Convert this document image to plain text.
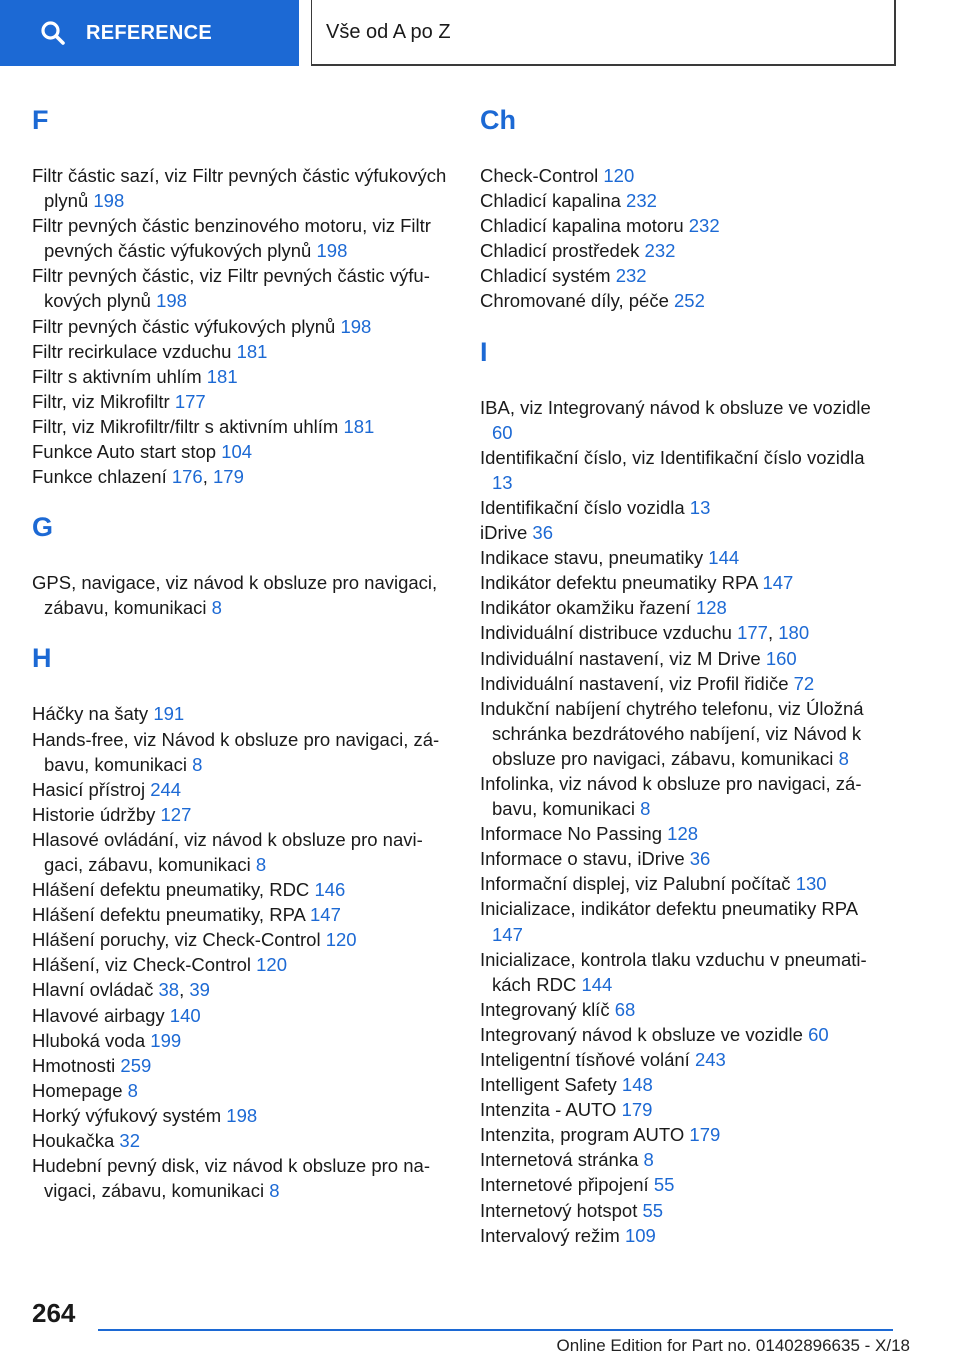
REFERENCE	Vše od A po Z
F
Filtr částic sazí, viz Filtr pevných částic výfukových plynů 198
Filtr pevných částic benzinového motoru, viz Filtr pevných částic výfukových plynů 198
Filtr pevných částic, viz Filtr pevných částic výfukových plynů 198
Filtr pevných částic výfukových plynů 198
Filtr recirkulace vzduchu 181
Filtr s aktivním uhlím 181
Filtr, viz Mikrofiltr 177
Filtr, viz Mikrofiltr/filtr s aktivním uhlím 181
Funkce Auto start stop 104
Funkce chlazení 176, 179
G
GPS, navigace, viz návod k obsluze pro navigaci, zábavu, komunikaci 8
H
Háčky na šaty 191
Hands-free, viz Návod k obsluze pro navigaci, zábavu, komunikaci 8
Hasicí přístroj 244
Historie údržby 127
Hlasové ovládání, viz návod k obsluze pro navigaci, zábavu, komunikaci 8
Hlášení defektu pneumatiky, RDC 146
Hlášení defektu pneumatiky, RPA 147
Hlášení poruchy, viz Check-Control 120
Hlášení, viz Check-Control 120
Hlavní ovládač 38, 39
Hlavové airbagy 140
Hluboká voda 199
Hmotnosti 259
Homepage 8
Horký výfukový systém 198
Houkačka 32
Hudební pevný disk, viz návod k obsluze pro navigaci, zábavu, komunikaci 8
Ch
Check-Control 120
Chladicí kapalina 232
Chladicí kapalina motoru 232
Chladicí prostředek 232
Chladicí systém 232
Chromované díly, péče 252
I
IBA, viz Integrovaný návod k obsluze ve vozidle 60
Identifikační číslo, viz Identifikační číslo vozidla 13
Identifikační číslo vozidla 13
iDrive 36
Indikace stavu, pneumatiky 144
Indikátor defektu pneumatiky RPA 147
Indikátor okamžiku řazení 128
Individuální distribuce vzduchu 177, 180
Individuální nastavení, viz M Drive 160
Individuální nastavení, viz Profil řidiče 72
Indukční nabíjení chytrého telefonu, viz Úložná schránka bezdrátového nabíjení, viz Návod k obsluze pro navigaci, zábavu, komunikaci 8
Infolinka, viz návod k obsluze pro navigaci, zábavu, komunikaci 8
Informace No Passing 128
Informace o stavu, iDrive 36
Informační displej, viz Palubní počítač 130
Inicializace, indikátor defektu pneumatiky RPA 147
Inicializace, kontrola tlaku vzduchu v pneumatikách RDC 144
Integrovaný klíč 68
Integrovaný návod k obsluze ve vozidle 60
Inteligentní tísňové volání 243
Intelligent Safety 148
Intenzita - AUTO 179
Intenzita, program AUTO 179
Internetová stránka 8
Internetové připojení 55
Internetový hotspot 55
Intervalový režim 109
264
Online Edition for Part no. 01402896635 - X/18
